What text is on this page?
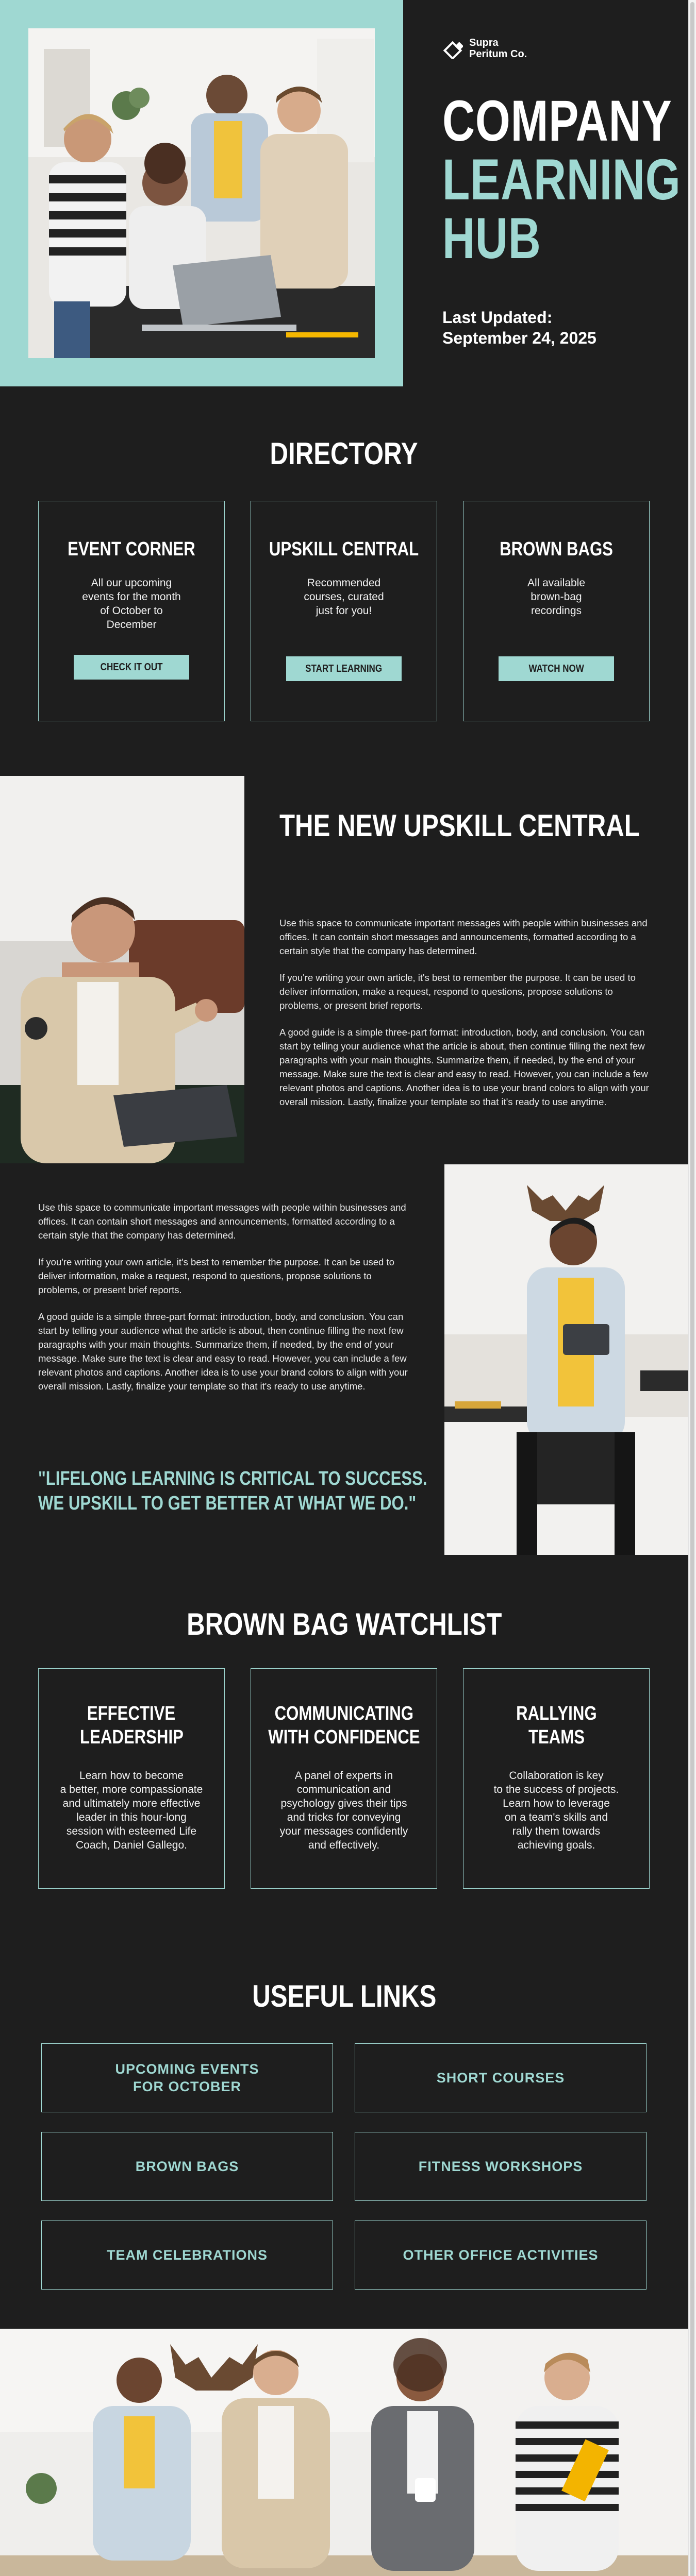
Supra
Peritum Co.
COMPANY
LEARNING
HUB
Last Updated:
September 24, 2025
DIRECTORY
EVENT CORNER
All our upcoming
events for the month
of October to
December
CHECK IT OUT
UPSKILL CENTRAL
Recommended
courses, curated
just for you!
START LEARNING
BROWN BAGS
All available
brown-bag
recordings
WATCH NOW
THE NEW UPSKILL CENTRAL

Use this space to communicate important messages with people within businesses and offices. It can contain short messages and announcements, formatted according to a certain style that the company has determined.

If you're writing your own article, it's best to remember the purpose. It can be used to deliver information, make a request, respond to questions, propose solutions to problems, or present brief reports.

A good guide is a simple three-part format: introduction, body, and conclusion. You can start by telling your audience what the article is about, then continue filling the next few paragraphs with your main thoughts. Summarize them, if needed, by the end of your message. Make sure the text is clear and easy to read. However, you can include a few relevant photos and captions. Another idea is to use your brand colors to align with your overall mission. Lastly, finalize your template so that it's ready to use anytime.

Use this space to communicate important messages with people within businesses and offices. It can contain short messages and announcements, formatted according to a certain style that the company has determined.

If you're writing your own article, it's best to remember the purpose. It can be used to deliver information, make a request, respond to questions, propose solutions to problems, or present brief reports.

A good guide is a simple three-part format: introduction, body, and conclusion. You can start by telling your audience what the article is about, then continue filling the next few paragraphs with your main thoughts. Summarize them, if needed, by the end of your message. Make sure the text is clear and easy to read. However, you can include a few relevant photos and captions. Another idea is to use your brand colors to align with your overall mission. Lastly, finalize your template so that it's ready to use anytime.

"LIFELONG LEARNING IS CRITICAL TO SUCCESS.
WE UPSKILL TO GET BETTER AT WHAT WE DO."
BROWN BAG WATCHLIST
EFFECTIVE
LEADERSHIP
Learn how to become
a better, more compassionate
and ultimately more effective
leader in this hour-long
session with esteemed Life
Coach, Daniel Gallego.
COMMUNICATING
WITH CONFIDENCE
A panel of experts in
communication and
psychology gives their tips
and tricks for conveying
your messages confidently
and effectively.
RALLYING
TEAMS
Collaboration is key
to the success of projects.
Learn how to leverage
on a team's skills and
rally them towards
achieving goals.
USEFUL LINKS
UPCOMING EVENTS
FOR OCTOBER
SHORT COURSES
BROWN BAGS	FITNESS WORKSHOPS
TEAM CELEBRATIONS	OTHER OFFICE ACTIVITIES
